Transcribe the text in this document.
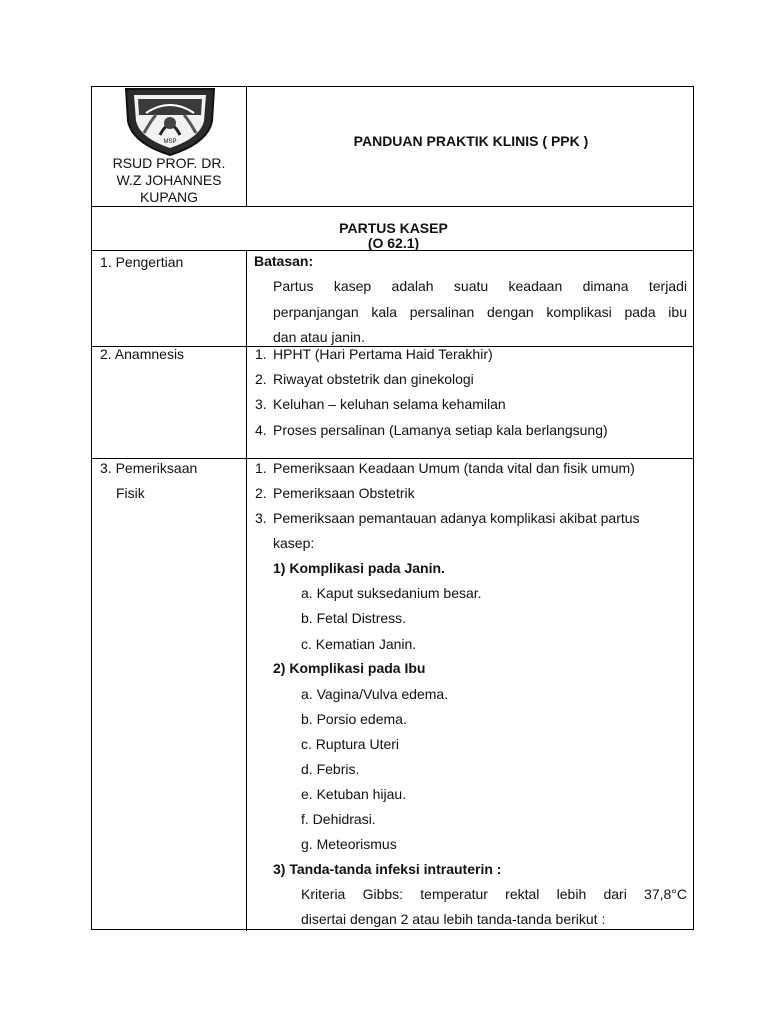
MSP
RSUD PROF. DR.
W.Z JOHANNES
KUPANG
PANDUAN PRAKTIK KLINIS ( PPK )
PARTUS KASEP
(O 62.1)
1. Pengertian	Batasan:
Partus kasep adalah suatu keadaan dimana terjadi
perpanjangan kala persalinan dengan komplikasi pada ibu
dan atau janin.
2. Anamnesis	1. HPHT (Hari Pertama Haid Terakhir)
2. Riwayat obstetrik dan ginekologi
3. Keluhan – keluhan selama kehamilan
4. Proses persalinan (Lamanya setiap kala berlangsung)
3. Pemeriksaan
Fisik
1. Pemeriksaan Keadaan Umum (tanda vital dan fisik umum)
2. Pemeriksaan Obstetrik
3. Pemeriksaan pemantauan adanya komplikasi akibat partus
kasep:
1) Komplikasi pada Janin.
a. Kaput suksedanium besar.
b. Fetal Distress.
c. Kematian Janin.
2) Komplikasi pada Ibu
a. Vagina/Vulva edema.
b. Porsio edema.
c. Ruptura Uteri
d. Febris.
e. Ketuban hijau.
f. Dehidrasi.
g. Meteorismus
3) Tanda-tanda infeksi intrauterin :
Kriteria Gibbs: temperatur rektal lebih dari 37,8°C
disertai dengan 2 atau lebih tanda-tanda berikut :
